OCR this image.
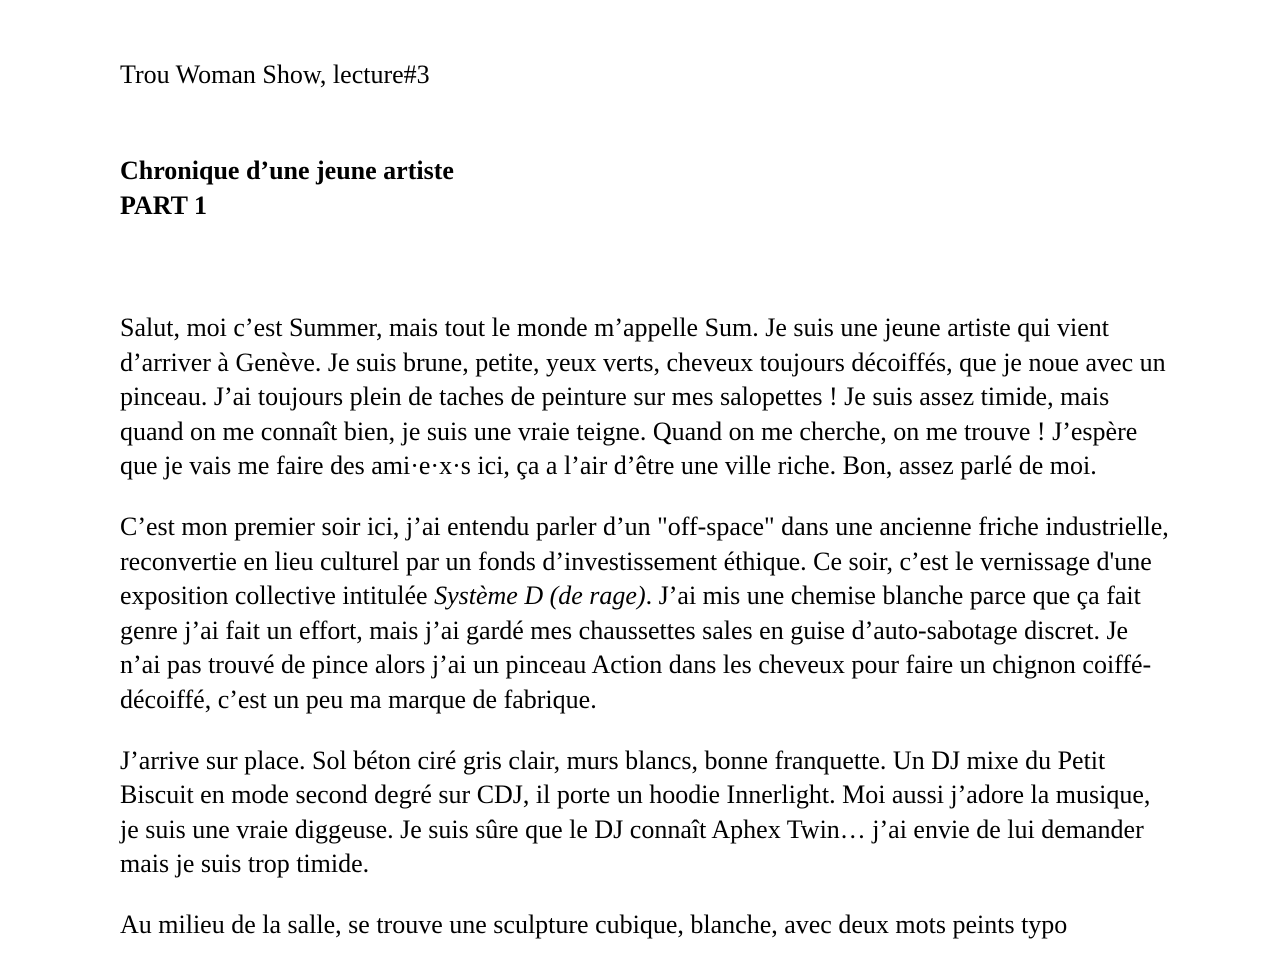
Trou Woman Show, lecture#3

Chronique d’une jeune artiste
PART 1

Salut, moi c’est Summer, mais tout le monde m’appelle Sum. Je suis une jeune artiste qui vient d’arriver à Genève. Je suis brune, petite, yeux verts, cheveux toujours décoiffés, que je noue avec un pinceau. J’ai toujours plein de taches de peinture sur mes salopettes ! Je suis assez timide, mais quand on me connaît bien, je suis une vraie teigne. Quand on me cherche, on me trouve ! J’espère que je vais me faire des ami·e·x·s ici, ça a l’air d’être une ville riche. Bon, assez parlé de moi.

C’est mon premier soir ici, j’ai entendu parler d’un "off-space" dans une ancienne friche industrielle, reconvertie en lieu culturel par un fonds d’investissement éthique. Ce soir, c’est le vernissage d'une exposition collective intitulée Système D (de rage). J’ai mis une chemise blanche parce que ça fait genre j’ai fait un effort, mais j’ai gardé mes chaussettes sales en guise d’auto-sabotage discret. Je n’ai pas trouvé de pince alors j’ai un pinceau Action dans les cheveux pour faire un chignon coiffé-décoiffé, c’est un peu ma marque de fabrique.

J’arrive sur place. Sol béton ciré gris clair, murs blancs, bonne franquette. Un DJ mixe du Petit Biscuit en mode second degré sur CDJ, il porte un hoodie Innerlight. Moi aussi j’adore la musique, je suis une vraie diggeuse. Je suis sûre que le DJ connaît Aphex Twin… j’ai envie de lui demander mais je suis trop timide.

Au milieu de la salle, se trouve une sculpture cubique, blanche, avec deux mots peints typo
